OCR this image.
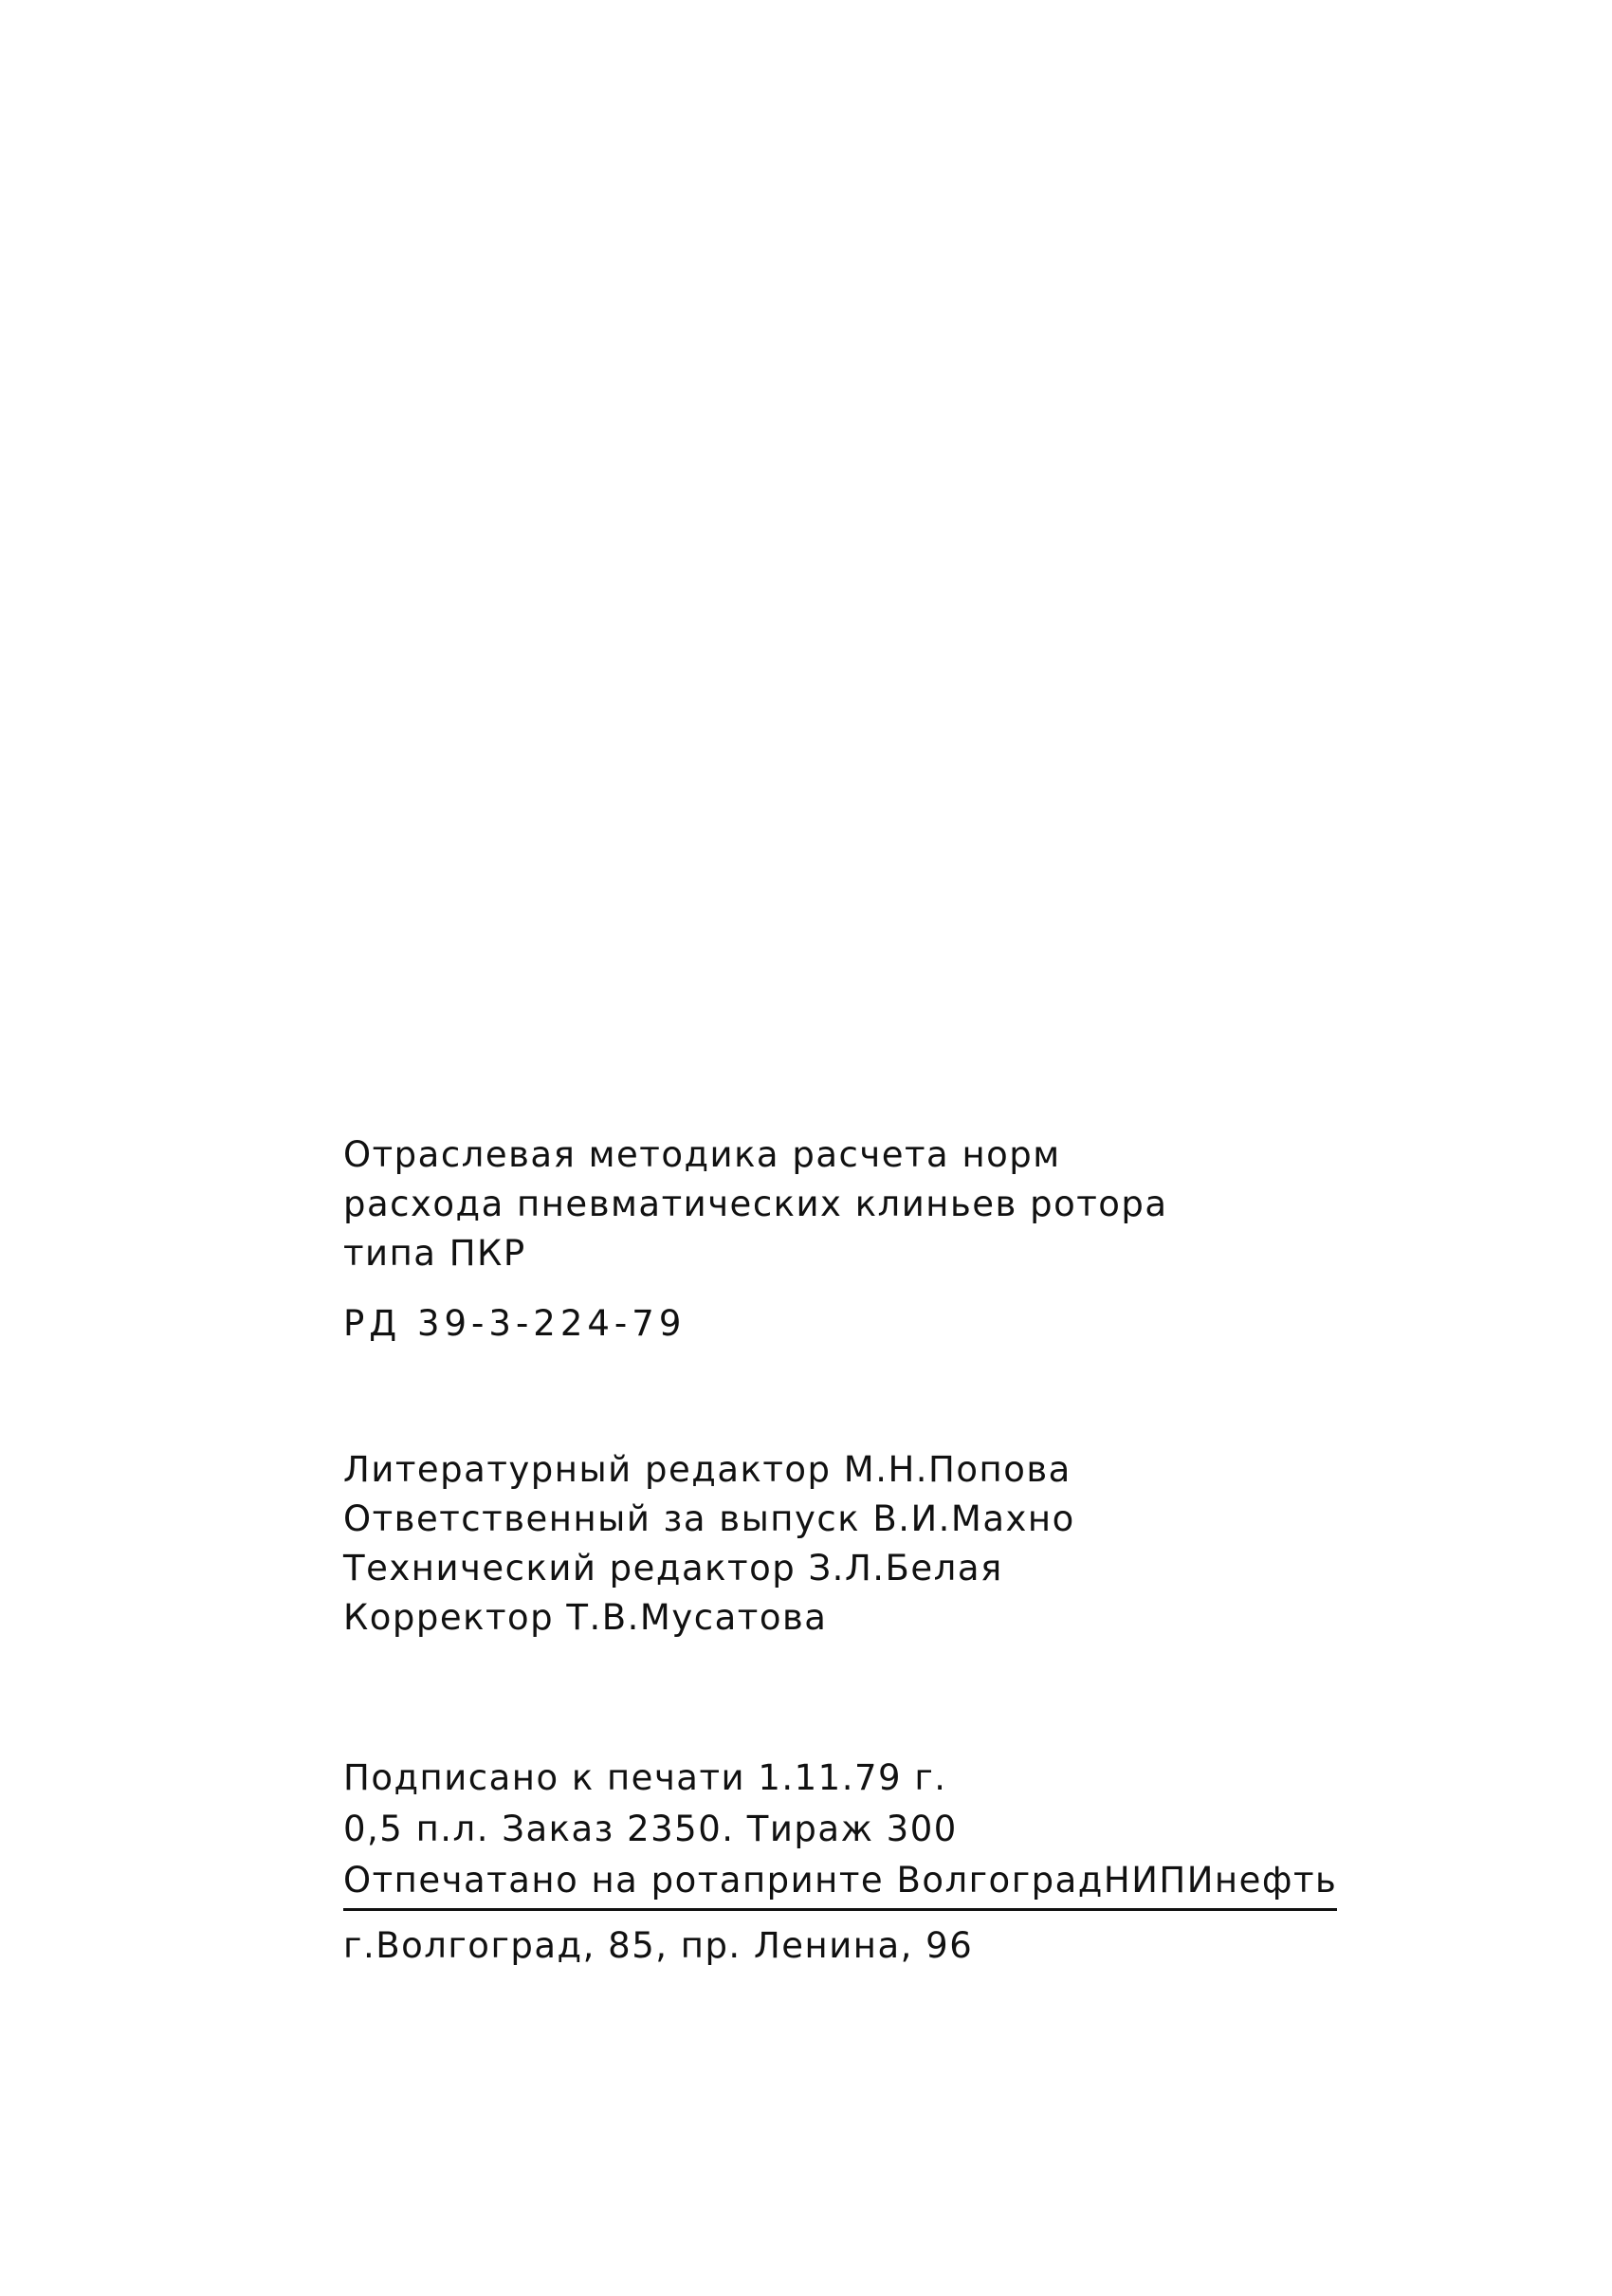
Отраслевая методика расчета норм
расхода пневматических клиньев ротора
типа ПКР
РД 39-3-224-79
Литературный редактор М.Н.Попова
Ответственный за выпуск В.И.Махно
Технический редактор З.Л.Белая
Корректор Т.В.Мусатова
Подписано к печати 1.11.79 г.
0,5 п.л. Заказ 2350. Тираж 300
Отпечатано на ротапринте ВолгоградНИПИнефть
г.Волгоград, 85, пр. Ленина, 96
